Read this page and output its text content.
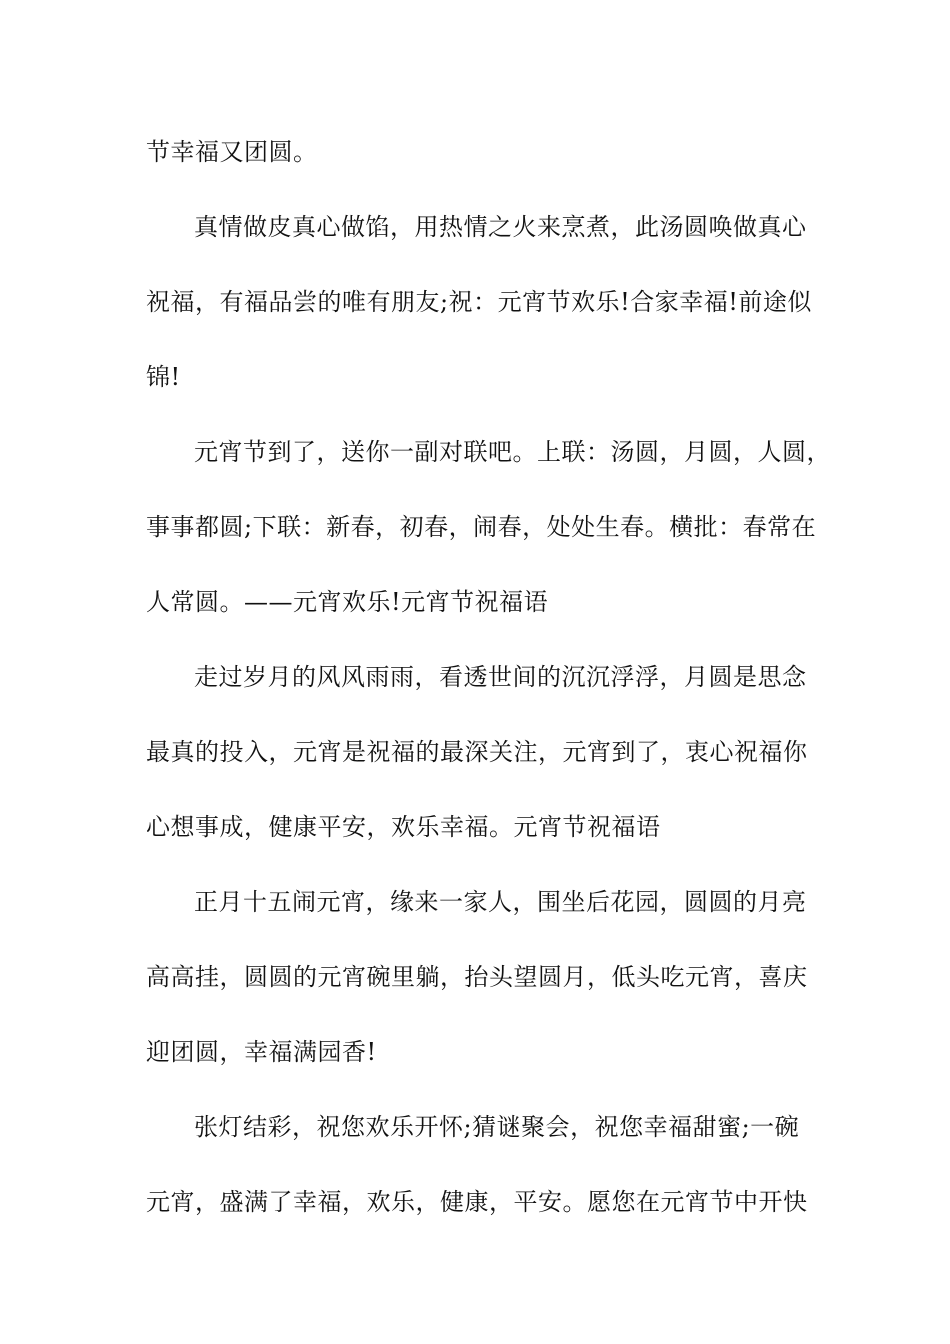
节幸福又团圆。
真情做皮真心做馅，用热情之火来烹煮，此汤圆唤做真心
祝福，有福品尝的唯有朋友;祝：元宵节欢乐!合家幸福!前途似
锦!
元宵节到了，送你一副对联吧。上联：汤圆，月圆，人圆，
事事都圆;下联：新春，初春，闹春，处处生春。横批：春常在
人常圆。——元宵欢乐!元宵节祝福语
走过岁月的风风雨雨，看透世间的沉沉浮浮，月圆是思念
最真的投入，元宵是祝福的最深关注，元宵到了，衷心祝福你
心想事成，健康平安，欢乐幸福。元宵节祝福语
正月十五闹元宵，缘来一家人，围坐后花园，圆圆的月亮
高高挂，圆圆的元宵碗里躺，抬头望圆月，低头吃元宵，喜庆
迎团圆，幸福满园香!
张灯结彩，祝您欢乐开怀;猜谜聚会，祝您幸福甜蜜;一碗
元宵，盛满了幸福，欢乐，健康，平安。愿您在元宵节中开快
